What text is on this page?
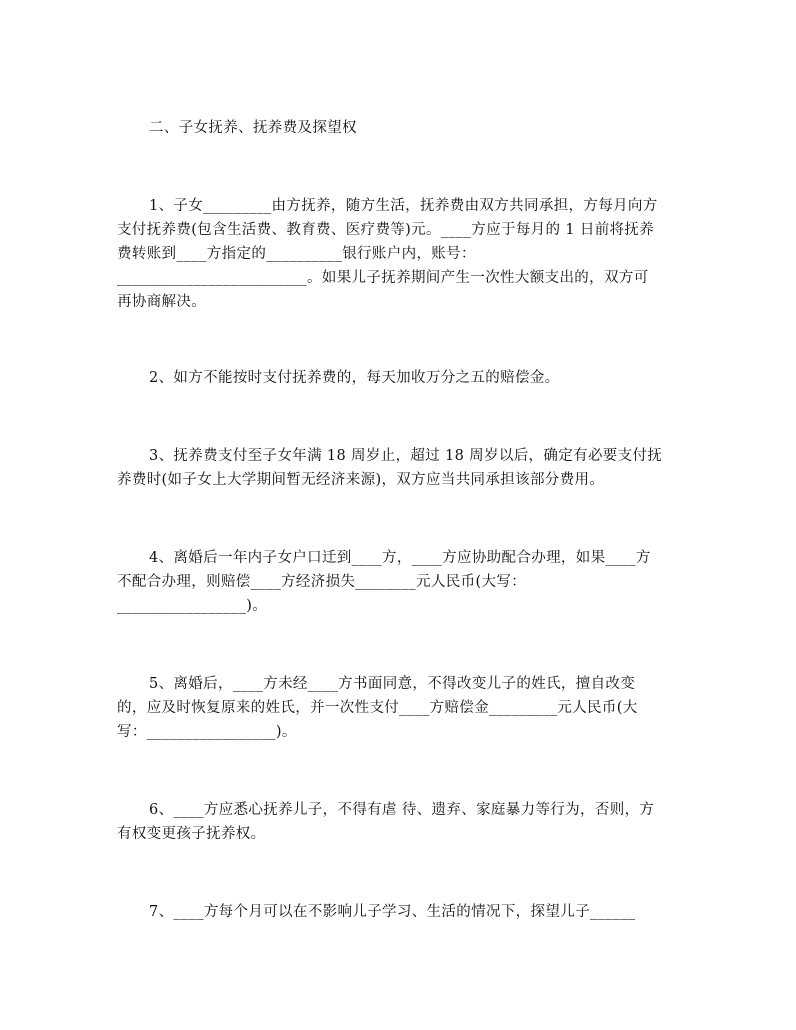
二、子女抚养、抚养费及探望权
1、子女_________由方抚养，随方生活，抚养费由双方共同承担，方每月向方
支付抚养费(包含生活费、教育费、医疗费等)元。____方应于每月的 1 日前将抚养
费转账到____方指定的__________银行账户内，账号：
_________________________。如果儿子抚养期间产生一次性大额支出的，双方可
再协商解决。
2、如方不能按时支付抚养费的，每天加收万分之五的赔偿金。
3、抚养费支付至子女年满 18 周岁止，超过 18 周岁以后，确定有必要支付抚
养费时(如子女上大学期间暂无经济来源)，双方应当共同承担该部分费用。
4、离婚后一年内子女户口迁到____方，____方应协助配合办理，如果____方
不配合办理，则赔偿____方经济损失________元人民币(大写：
_________________)。
5、离婚后，____方未经____方书面同意，不得改变儿子的姓氏，擅自改变
的，应及时恢复原来的姓氏，并一次性支付____方赔偿金_________元人民币(大
写：_________________)。
6、____方应悉心抚养儿子，不得有虐 待、遗弃、家庭暴力等行为，否则，方
有权变更孩子抚养权。
7、____方每个月可以在不影响儿子学习、生活的情况下，探望儿子______
